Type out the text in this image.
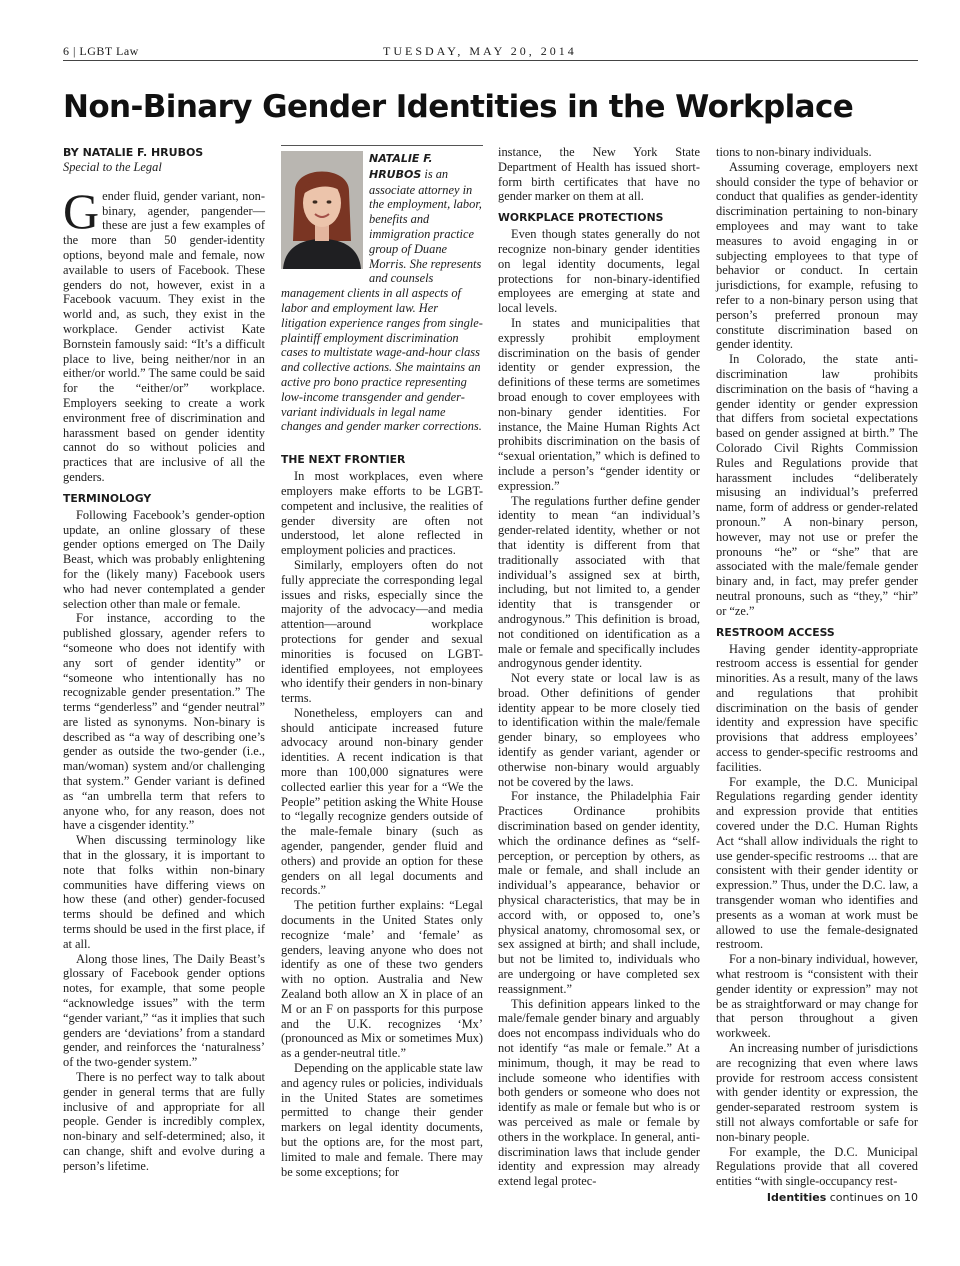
6 | LGBT Law	TUESDAY, MAY 20, 2014
Non-Binary Gender Identities in the Workplace
BY NATALIE F. HRUBOS
Special to the Legal

Gender fluid, gender variant, non-binary, agender, pangender—these are just a few examples of the more than 50 gender-identity options, beyond male and female, now available to users of Facebook. These genders do not, however, exist in a Facebook vacuum. They exist in the world and, as such, they exist in the workplace. Gender activist Kate Bornstein famously said: “It’s a difficult place to live, being neither/nor in an either/or world.” The same could be said for the “either/or” workplace. Employers seeking to create a work environment free of discrimination and harassment based on gender identity cannot do so without policies and practices that are inclusive of all the genders.

TERMINOLOGY

Following Facebook’s gender-option update, an online glossary of these gender options emerged on The Daily Beast, which was probably enlightening for the (likely many) Facebook users who had never contemplated a gender selection other than male or female.

For instance, according to the published glossary, agender refers to “someone who does not identify with any sort of gender identity” or “someone who intentionally has no recognizable gender presentation.” The terms “genderless” and “gender neutral” are listed as synonyms. Non-binary is described as “a way of describing one’s gender as outside the two-gender (i.e., man/woman) system and/or challenging that system.” Gender variant is defined as “an umbrella term that refers to anyone who, for any reason, does not have a cisgender identity.”

When discussing terminology like that in the glossary, it is important to note that folks within non-binary communities have differing views on how these (and other) gender-focused terms should be defined and which terms should be used in the first place, if at all.

Along those lines, The Daily Beast’s glossary of Facebook gender options notes, for example, that some people “acknowledge issues” with the term “gender variant,” “as it implies that such genders are ‘deviations’ from a standard gender, and reinforces the ‘naturalness’ of the two-gender system.”

There is no perfect way to talk about gender in general terms that are fully inclusive of and appropriate for all people. Gender is incredibly complex, non-binary and self-determined; also, it can change, shift and evolve during a person’s lifetime.

NATALIE F. HRUBOS is an associate attorney in the employment, labor, benefits and immigration practice group of Duane Morris. She represents and counsels management clients in all aspects of labor and employment law. Her litigation experience ranges from single-plaintiff employment discrimination cases to multistate wage-and-hour class and collective actions. She maintains an active pro bono practice representing low-income transgender and gender-variant individuals in legal name changes and gender marker corrections.
THE NEXT FRONTIER

In most workplaces, even where employers make efforts to be LGBT-competent and inclusive, the realities of gender diversity are often not understood, let alone reflected in employment policies and practices.

Similarly, employers often do not fully appreciate the corresponding legal issues and risks, especially since the majority of the advocacy—and media attention—around workplace protections for gender and sexual minorities is focused on LGBT-identified employees, not employees who identify their genders in non-binary terms.

Nonetheless, employers can and should anticipate increased future advocacy around non-binary gender identities. A recent indication is that more than 100,000 signatures were collected earlier this year for a “We the People” petition asking the White House to “legally recognize genders outside of the male-female binary (such as agender, pangender, gender fluid and others) and provide an option for these genders on all legal documents and records.”

The petition further explains: “Legal documents in the United States only recognize ‘male’ and ‘female’ as genders, leaving anyone who does not identify as one of these two genders with no option. Australia and New Zealand both allow an X in place of an M or an F on passports for this purpose and the U.K. recognizes ‘Mx’ (pronounced as Mix or sometimes Mux) as a gender-neutral title.”

Depending on the applicable state law and agency rules or policies, individuals in the United States are sometimes permitted to change their gender markers on legal identity documents, but the options are, for the most part, limited to male and female. There may be some exceptions; for

instance, the New York State Department of Health has issued short-form birth certificates that have no gender marker on them at all.

WORKPLACE PROTECTIONS

Even though states generally do not recognize non-binary gender identities on legal identity documents, legal protections for non-binary-identified employees are emerging at state and local levels.

In states and municipalities that expressly prohibit employment discrimination on the basis of gender identity or gender expression, the definitions of these terms are sometimes broad enough to cover employees with non-binary gender identities. For instance, the Maine Human Rights Act prohibits discrimination on the basis of “sexual orientation,” which is defined to include a person’s “gender identity or expression.”

The regulations further define gender identity to mean “an individual’s gender-related identity, whether or not that identity is different from that traditionally associated with that individual’s assigned sex at birth, including, but not limited to, a gender identity that is transgender or androgynous.” This definition is broad, not conditioned on identification as a male or female and specifically includes androgynous gender identity.

Not every state or local law is as broad. Other definitions of gender identity appear to be more closely tied to identification within the male/female gender binary, so employees who identify as gender variant, agender or otherwise non-binary would arguably not be covered by the laws.

For instance, the Philadelphia Fair Practices Ordinance prohibits discrimination based on gender identity, which the ordinance defines as “self-perception, or perception by others, as male or female, and shall include an individual’s appearance, behavior or physical characteristics, that may be in accord with, or opposed to, one’s physical anatomy, chromosomal sex, or sex assigned at birth; and shall include, but not be limited to, individuals who are undergoing or have completed sex reassignment.”

This definition appears linked to the male/female gender binary and arguably does not encompass individuals who do not identify “as male or female.” At a minimum, though, it may be read to include someone who identifies with both genders or someone who does not identify as male or female but who is or was perceived as male or female by others in the workplace. In general, anti-discrimination laws that include gender identity and expression may already extend legal protec-

tions to non-binary individuals.

Assuming coverage, employers next should consider the type of behavior or conduct that qualifies as gender-identity discrimination pertaining to non-binary employees and may want to take measures to avoid engaging in or subjecting employees to that type of behavior or conduct. In certain jurisdictions, for example, refusing to refer to a non-binary person using that person’s preferred pronoun may constitute discrimination based on gender identity.

In Colorado, the state anti-discrimination law prohibits discrimination on the basis of “having a gender identity or gender expression that differs from societal expectations based on gender assigned at birth.” The Colorado Civil Rights Commission Rules and Regulations provide that harassment includes “deliberately misusing an individual’s preferred name, form of address or gender-related pronoun.” A non-binary person, however, may not use or prefer the pronouns “he” or “she” that are associated with the male/female gender binary and, in fact, may prefer gender neutral pronouns, such as “they,” “hir” or “ze.”

RESTROOM ACCESS

Having gender identity-appropriate restroom access is essential for gender minorities. As a result, many of the laws and regulations that prohibit discrimination on the basis of gender identity and expression have specific provisions that address employees’ access to gender-specific restrooms and facilities.

For example, the D.C. Municipal Regulations regarding gender identity and expression provide that entities covered under the D.C. Human Rights Act “shall allow individuals the right to use gender-specific restrooms ... that are consistent with their gender identity or expression.” Thus, under the D.C. law, a transgender woman who identifies and presents as a woman at work must be allowed to use the female-designated restroom.

For a non-binary individual, however, what restroom is “consistent with their gender identity or expression” may not be as straightforward or may change for that person throughout a given workweek.

An increasing number of jurisdictions are recognizing that even where laws provide for restroom access consistent with gender identity or expression, the gender-separated restroom system is still not always comfortable or safe for non-binary people.

For example, the D.C. Municipal Regulations provide that all covered entities “with single-occupancy rest-

Identities continues on 10
